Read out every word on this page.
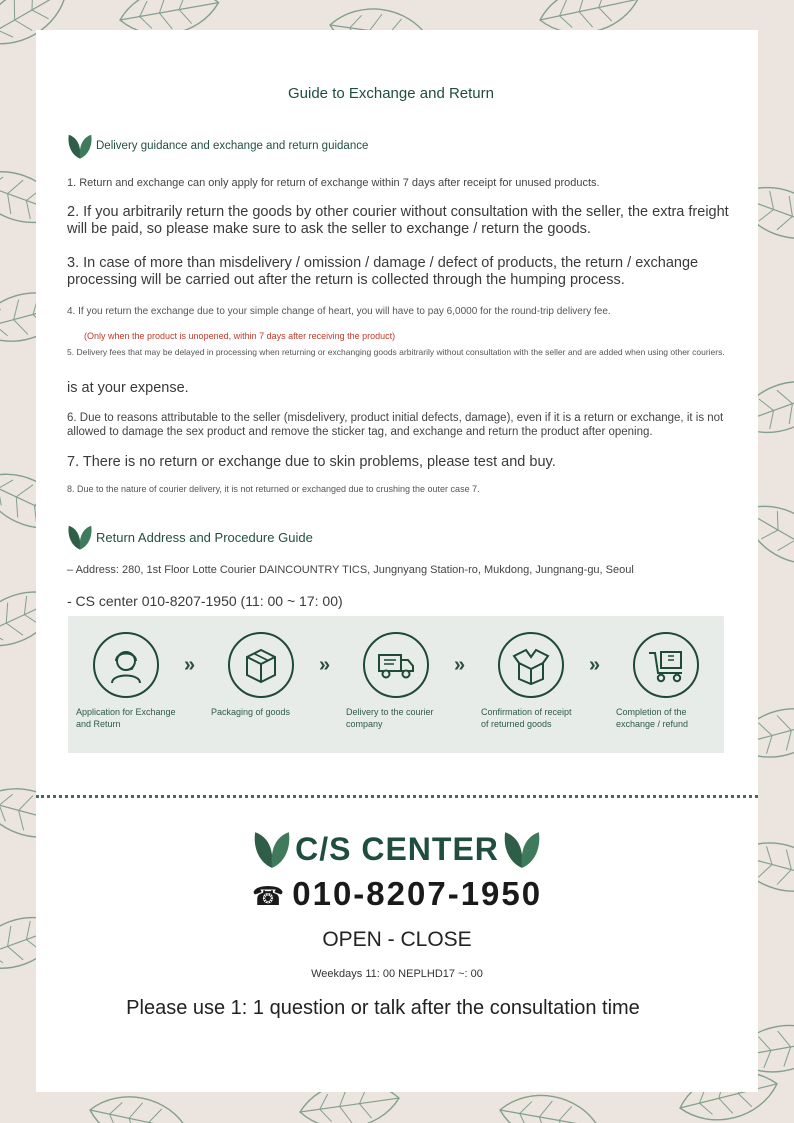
Guide to Exchange and Return
Delivery guidance and exchange and return guidance
1. Return and exchange can only apply for return of exchange within 7 days after receipt for unused products.
2. If you arbitrarily return the goods by other courier without consultation with the seller, the extra freight will be paid, so please make sure to ask the seller to exchange / return the goods.
3. In case of more than misdelivery / omission / damage / defect of products, the return / exchange processing will be carried out after the return is collected through the humping process.
4. If you return the exchange due to your simple change of heart, you will have to pay 6,0000 for the round-trip delivery fee.
(Only when the product is unopened, within 7 days after receiving the product)
5. Delivery fees that may be delayed in processing when returning or exchanging goods arbitrarily without consultation with the seller and are added when using other couriers.
is at your expense.
6. Due to reasons attributable to the seller (misdelivery, product initial defects, damage), even if it is a return or exchange, it is not allowed to damage the sex product and remove the sticker tag, and exchange and return the product after opening.
7. There is no return or exchange due to skin problems, please test and buy.
8. Due to the nature of courier delivery, it is not returned or exchanged due to crushing the outer case 7.
Return Address and Procedure Guide
– Address: 280, 1st Floor Lotte Courier DAINCOUNTRY TICS, Jungnyang Station-ro, Mukdong, Jungnang-gu, Seoul
- CS center 010-8207-1950 (11: 00 ~ 17: 00)
Application for Exchange and Return
»
Packaging of goods
»
Delivery to the courier company
»
Confirmation of receipt of returned goods
»
Completion of the exchange / refund
C/S CENTER
☎ 010-8207-1950
OPEN - CLOSE
Weekdays 11: 00 NEPLHD17 ~: 00
Please use 1: 1 question or talk after the consultation time
